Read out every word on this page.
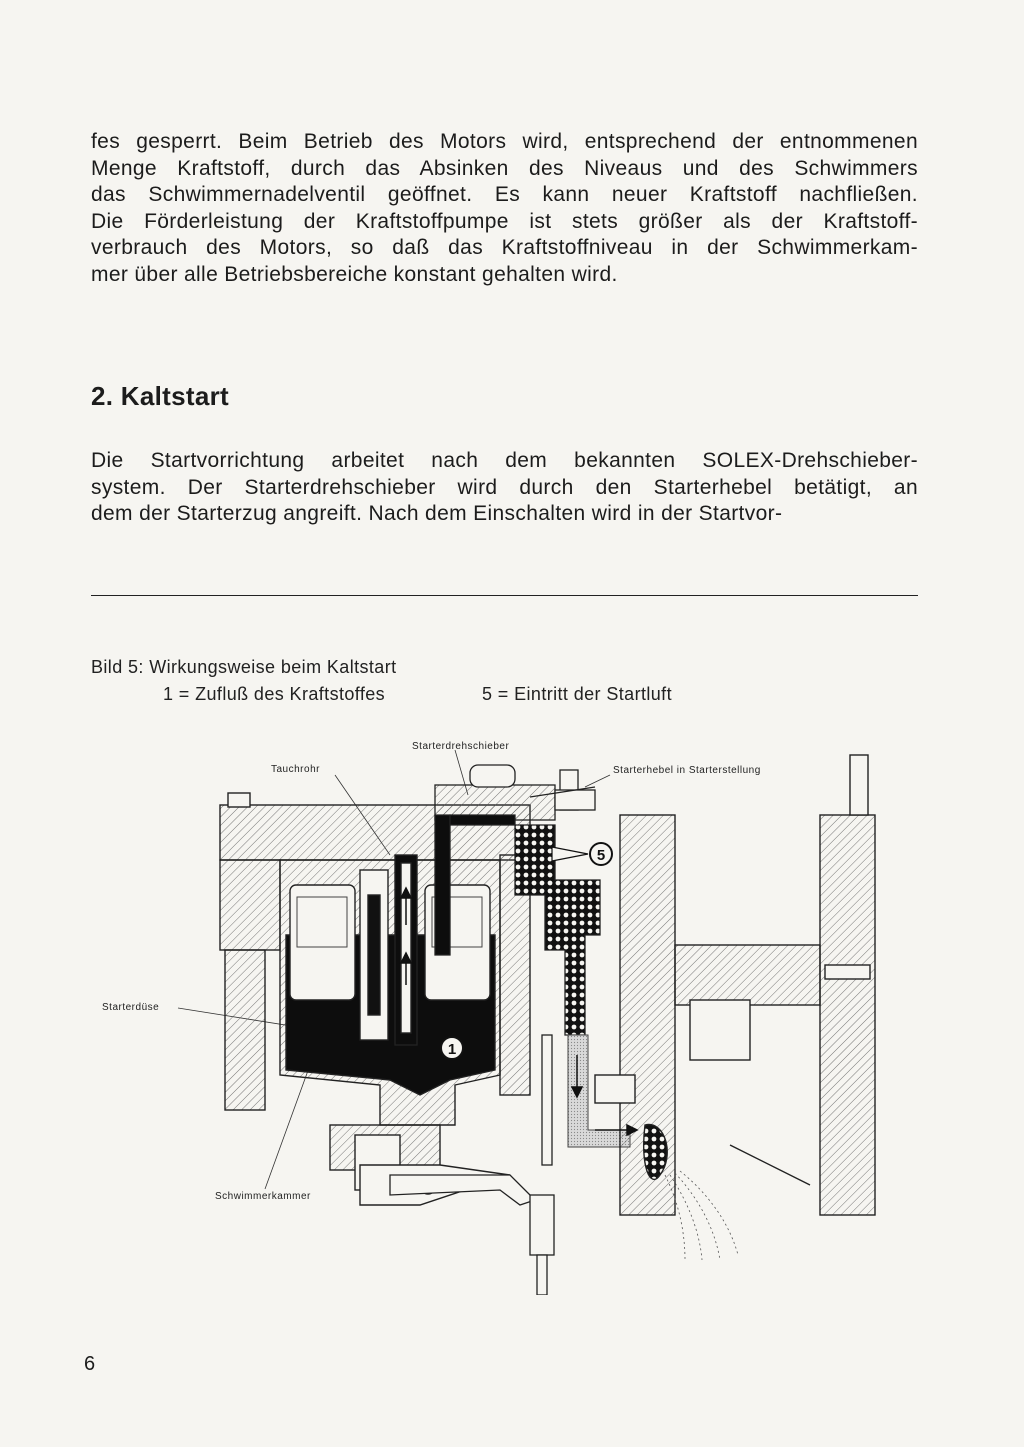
fes gesperrt. Beim Betrieb des Motors wird, entsprechend der entnommenen
Menge Kraftstoff, durch das Absinken des Niveaus und des Schwimmers
das Schwimmernadelventil geöffnet. Es kann neuer Kraftstoff nachfließen.
Die Förderleistung der Kraftstoffpumpe ist stets größer als der Kraftstoff-
verbrauch des Motors, so daß das Kraftstoffniveau in der Schwimmerkam-
mer über alle Betriebsbereiche konstant gehalten wird.

2. Kaltstart

Die Startvorrichtung arbeitet nach dem bekannten SOLEX-Drehschieber-
system. Der Starterdrehschieber wird durch den Starterhebel betätigt, an
dem der Starterzug angreift. Nach dem Einschalten wird in der Startvor-

Bild 5: Wirkungsweise beim Kaltstart
1 = Zufluß des Kraftstoffes	5 = Eintritt der Startluft
Starterdrehschieber
Tauchrohr	Starterhebel in Starterstellung
Starterdüse
Schwimmerkammer
1
5
6
